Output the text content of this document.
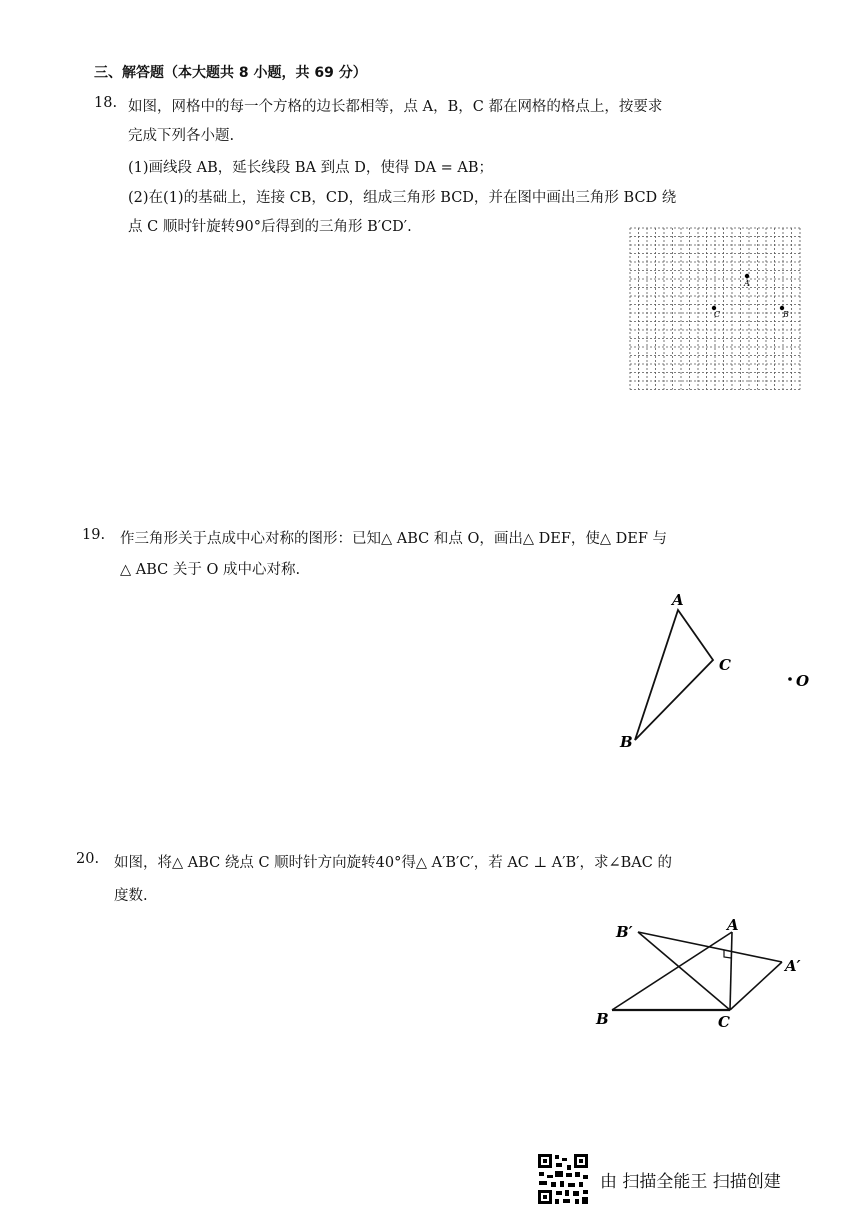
三、解答题（本大题共 8 小题，共 69 分）
18. 如图，网格中的每一个方格的边长都相等，点 A，B，C 都在网格的格点上，按要求
完成下列各小题.
(1)画线段 AB，延长线段 BA 到点 D，使得 DA = AB；
(2)在(1)的基础上，连接 CB，CD，组成三角形 BCD，并在图中画出三角形 BCD 绕
点 C 顺时针旋转90°后得到的三角形 B′CD′.
A
C	B
19. 作三角形关于点成中心对称的图形：已知△ ABC 和点 O，画出△ DEF，使△ DEF 与
△ ABC 关于 O 成中心对称.
A
C
B
O
20. 如图，将△ ABC 绕点 C 顺时针方向旋转40°得△ A′B′C′，若 AC ⊥ A′B′，求∠BAC 的
度数.
B′	A
A′
B	C
由 扫描全能王 扫描创建
